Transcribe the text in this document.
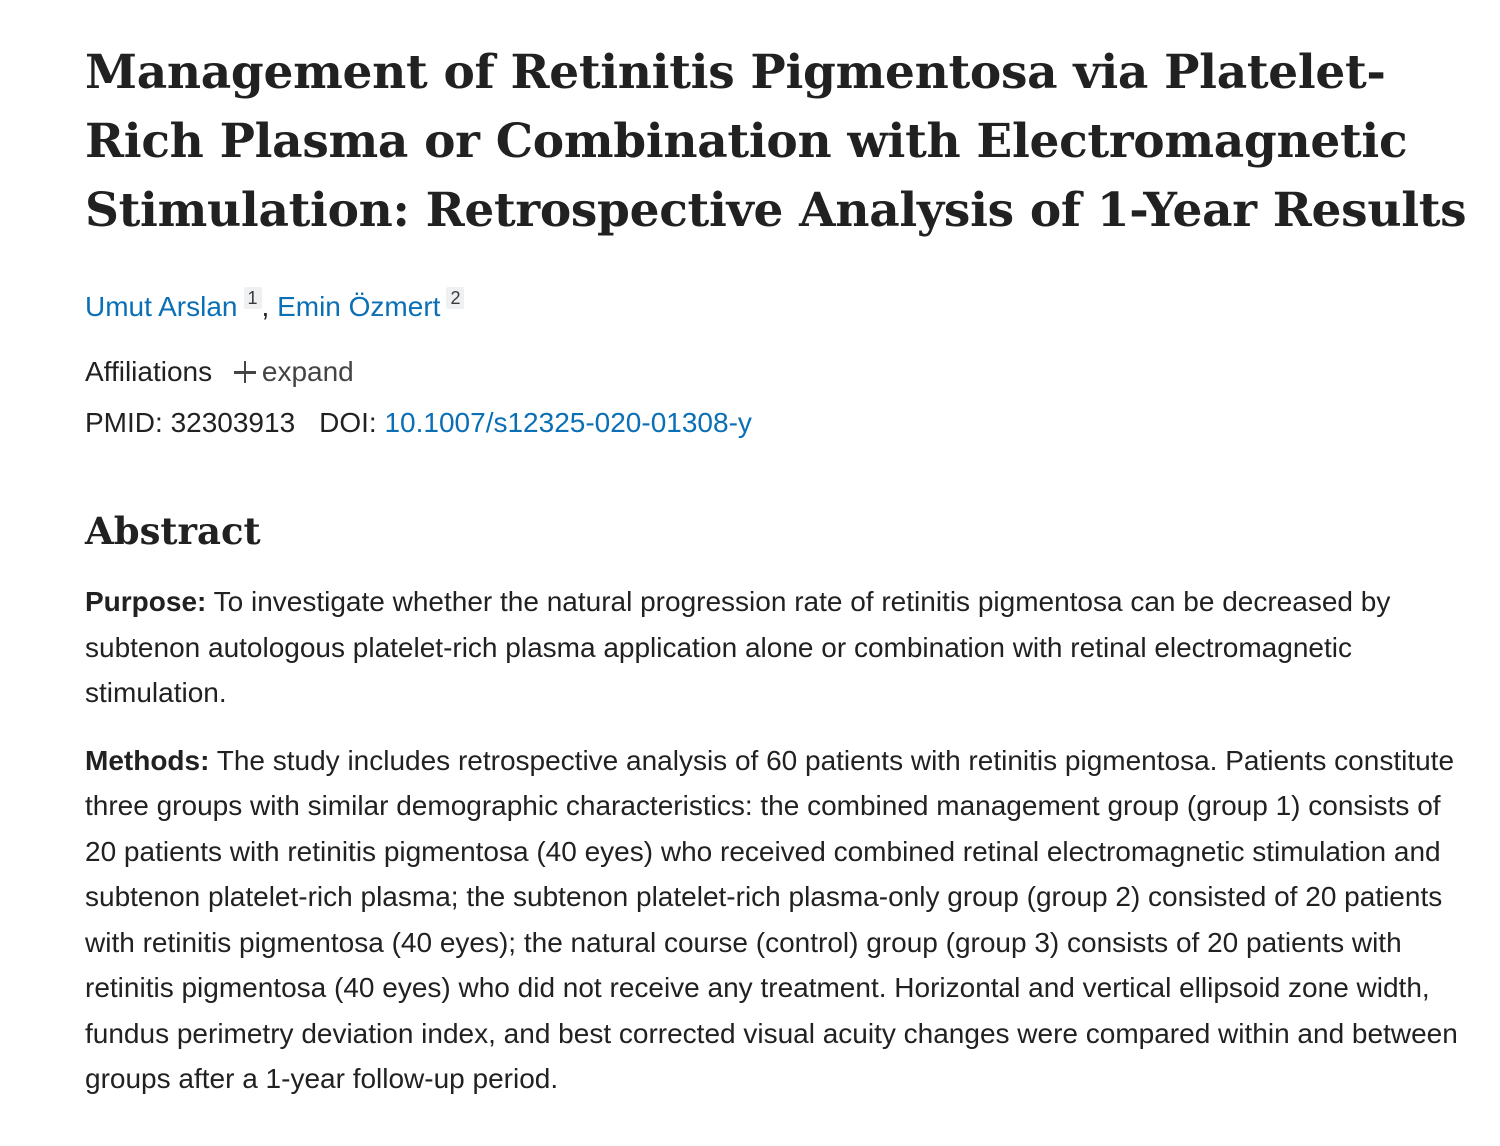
Management of Retinitis Pigmentosa via Platelet-Rich Plasma or Combination with Electromagnetic Stimulation: Retrospective Analysis of 1-Year Results
Umut Arslan 1 , Emin Özmert 2
Affiliations expand
PMID: 32303913 DOI: 10.1007/s12325-020-01308-y
Abstract

Purpose: To investigate whether the natural progression rate of retinitis pigmentosa can be decreased by subtenon autologous platelet-rich plasma application alone or combination with retinal electromagnetic stimulation.

Methods: The study includes retrospective analysis of 60 patients with retinitis pigmentosa. Patients constitute three groups with similar demographic characteristics: the combined management group (group 1) consists of 20 patients with retinitis pigmentosa (40 eyes) who received combined retinal electromagnetic stimulation and subtenon platelet-rich plasma; the subtenon platelet-rich plasma-only group (group 2) consisted of 20 patients with retinitis pigmentosa (40 eyes); the natural course (control) group (group 3) consists of 20 patients with retinitis pigmentosa (40 eyes) who did not receive any treatment. Horizontal and vertical ellipsoid zone width, fundus perimetry deviation index, and best corrected visual acuity changes were compared within and between groups after a 1-year follow-up period.
